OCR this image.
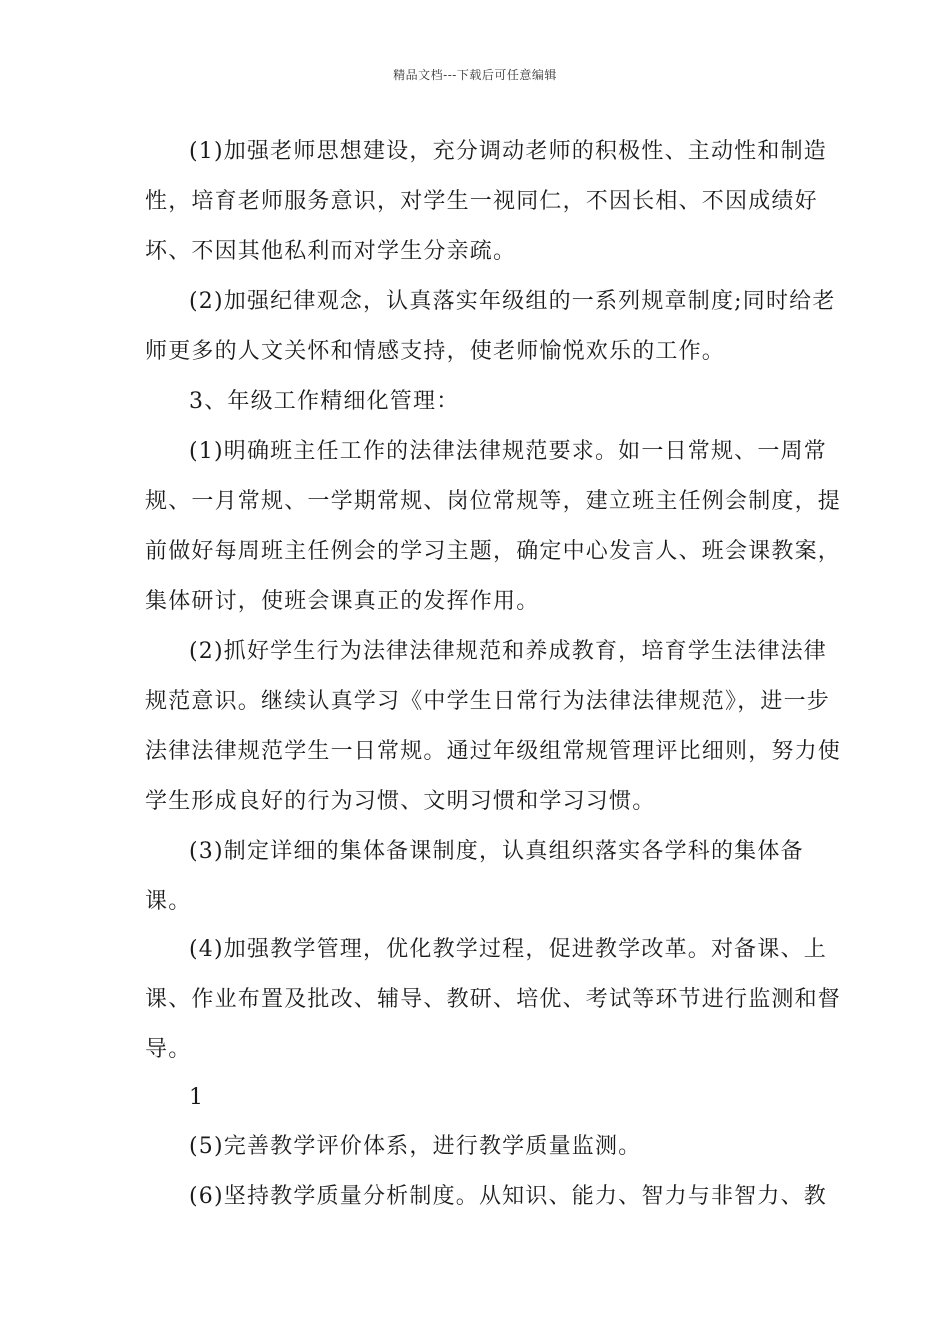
精品文档---下载后可任意编辑

(1)加强老师思想建设，充分调动老师的积极性、主动性和制造性，培育老师服务意识，对学生一视同仁，不因长相、不因成绩好坏、不因其他私利而对学生分亲疏。

(2)加强纪律观念，认真落实年级组的一系列规章制度;同时给老师更多的人文关怀和情感支持，使老师愉悦欢乐的工作。

3、年级工作精细化管理：

(1)明确班主任工作的法律法律规范要求。如一日常规、一周常规、一月常规、一学期常规、岗位常规等，建立班主任例会制度，提前做好每周班主任例会的学习主题，确定中心发言人、班会课教案，集体研讨，使班会课真正的发挥作用。

(2)抓好学生行为法律法律规范和养成教育，培育学生法律法律规范意识。继续认真学习《中学生日常行为法律法律规范》，进一步法律法律规范学生一日常规。通过年级组常规管理评比细则，努力使学生形成良好的行为习惯、文明习惯和学习习惯。

(3)制定详细的集体备课制度，认真组织落实各学科的集体备课。

(4)加强教学管理，优化教学过程，促进教学改革。对备课、上课、作业布置及批改、辅导、教研、培优、考试等环节进行监测和督导。

1

(5)完善教学评价体系，进行教学质量监测。

(6)坚持教学质量分析制度。从知识、能力、智力与非智力、教
